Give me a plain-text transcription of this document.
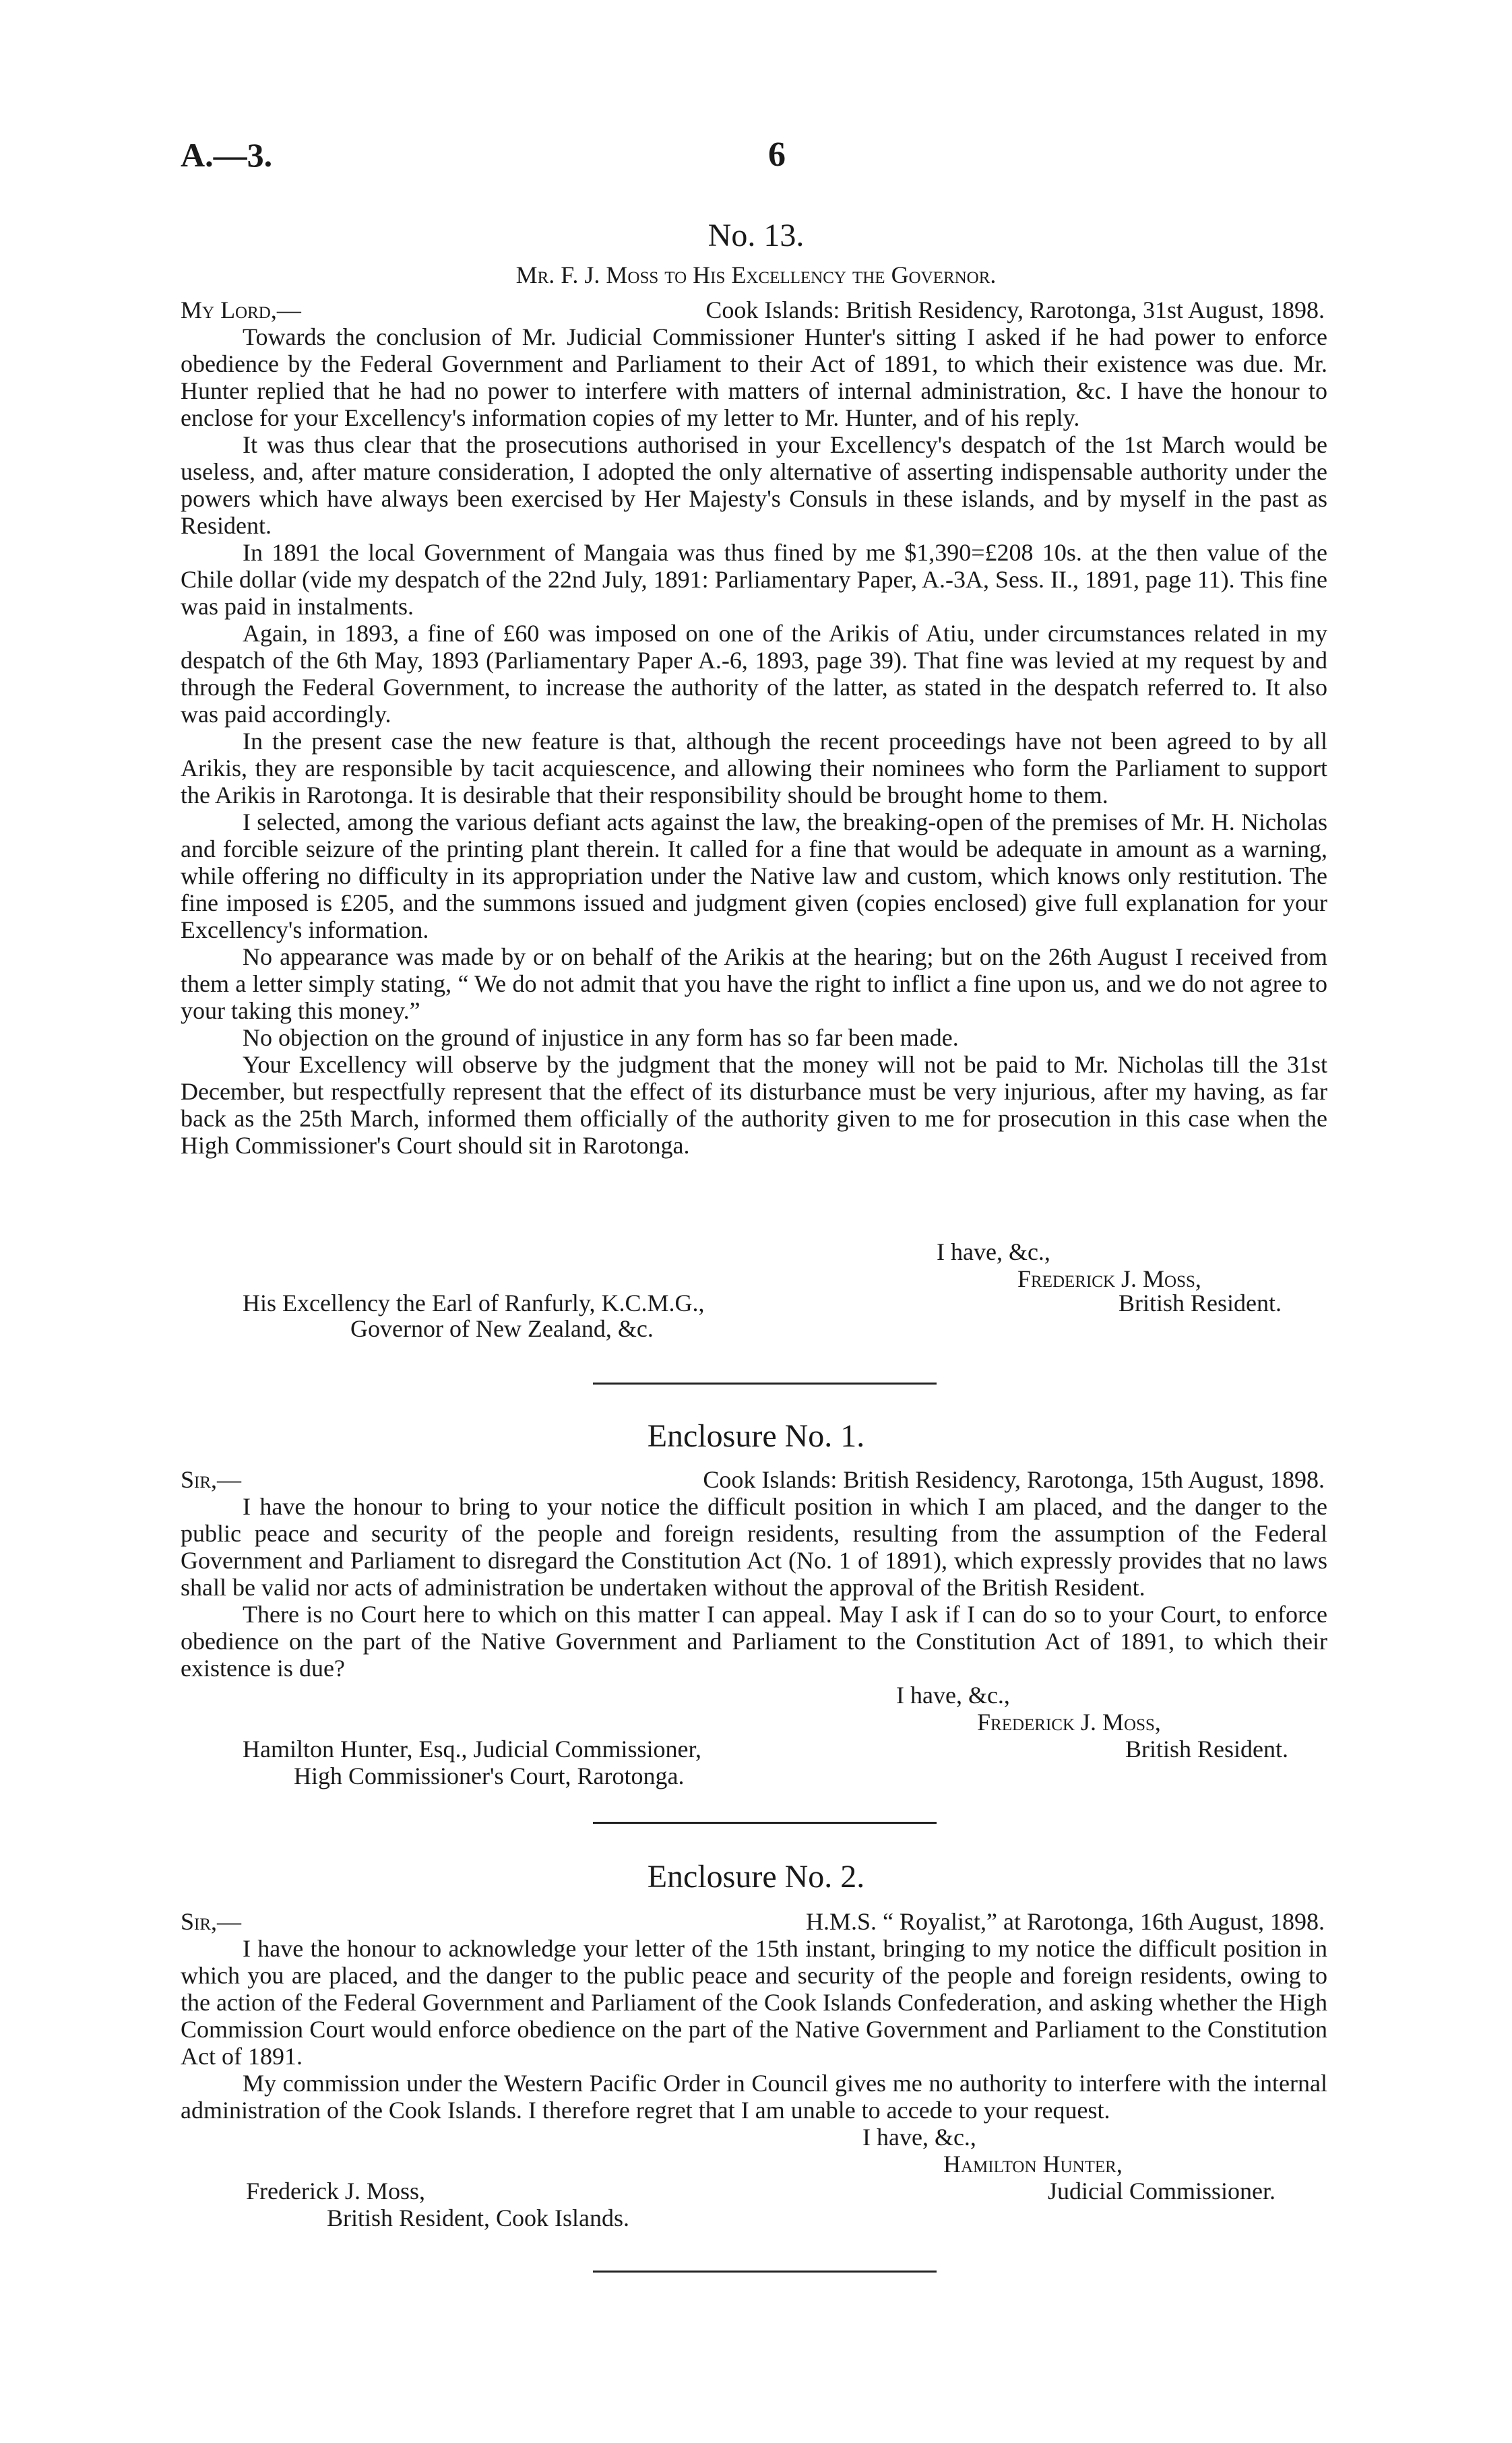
A.—3.	6
No. 13.
Mr. F. J. Moss to His Excellency the Governor.
My Lord,—	Cook Islands: British Residency, Rarotonga, 31st August, 1898.

Towards the conclusion of Mr. Judicial Commissioner Hunter's sitting I asked if he had power to enforce obedience by the Federal Government and Parliament to their Act of 1891, to which their existence was due. Mr. Hunter replied that he had no power to interfere with matters of internal administration, &c. I have the honour to enclose for your Excellency's information copies of my letter to Mr. Hunter, and of his reply.

It was thus clear that the prosecutions authorised in your Excellency's despatch of the 1st March would be useless, and, after mature consideration, I adopted the only alternative of asserting indispensable authority under the powers which have always been exercised by Her Majesty's Consuls in these islands, and by myself in the past as Resident.

In 1891 the local Government of Mangaia was thus fined by me $1,390=£208 10s. at the then value of the Chile dollar (vide my despatch of the 22nd July, 1891: Parliamentary Paper, A.-3A, Sess. II., 1891, page 11). This fine was paid in instalments.

Again, in 1893, a fine of £60 was imposed on one of the Arikis of Atiu, under circumstances related in my despatch of the 6th May, 1893 (Parliamentary Paper A.-6, 1893, page 39). That fine was levied at my request by and through the Federal Government, to increase the authority of the latter, as stated in the despatch referred to. It also was paid accordingly.

In the present case the new feature is that, although the recent proceedings have not been agreed to by all Arikis, they are responsible by tacit acquiescence, and allowing their nominees who form the Parliament to support the Arikis in Rarotonga. It is desirable that their responsibility should be brought home to them.

I selected, among the various defiant acts against the law, the breaking-open of the premises of Mr. H. Nicholas and forcible seizure of the printing plant therein. It called for a fine that would be adequate in amount as a warning, while offering no difficulty in its appropriation under the Native law and custom, which knows only restitution. The fine imposed is £205, and the summons issued and judgment given (copies enclosed) give full explanation for your Excellency's information.

No appearance was made by or on behalf of the Arikis at the hearing; but on the 26th August I received from them a letter simply stating, “ We do not admit that you have the right to inflict a fine upon us, and we do not agree to your taking this money.”

No objection on the ground of injustice in any form has so far been made.

Your Excellency will observe by the judgment that the money will not be paid to Mr. Nicholas till the 31st December, but respectfully represent that the effect of its disturbance must be very injurious, after my having, as far back as the 25th March, informed them officially of the authority given to me for prosecution in this case when the High Commissioner's Court should sit in Rarotonga.

I have, &c.,
Frederick J. Moss,
British Resident.
His Excellency the Earl of Ranfurly, K.C.M.G.,
Governor of New Zealand, &c.
Enclosure No. 1.
Sir,—	Cook Islands: British Residency, Rarotonga, 15th August, 1898.

I have the honour to bring to your notice the difficult position in which I am placed, and the danger to the public peace and security of the people and foreign residents, resulting from the assumption of the Federal Government and Parliament to disregard the Constitution Act (No. 1 of 1891), which expressly provides that no laws shall be valid nor acts of administration be undertaken without the approval of the British Resident.

There is no Court here to which on this matter I can appeal. May I ask if I can do so to your Court, to enforce obedience on the part of the Native Government and Parliament to the Constitution Act of 1891, to which their existence is due?

I have, &c.,
Frederick J. Moss,
British Resident.
Hamilton Hunter, Esq., Judicial Commissioner,
High Commissioner's Court, Rarotonga.
Enclosure No. 2.
Sir,—	H.M.S. “ Royalist,” at Rarotonga, 16th August, 1898.

I have the honour to acknowledge your letter of the 15th instant, bringing to my notice the difficult position in which you are placed, and the danger to the public peace and security of the people and foreign residents, owing to the action of the Federal Government and Parliament of the Cook Islands Confederation, and asking whether the High Commission Court would enforce obedience on the part of the Native Government and Parliament to the Constitution Act of 1891.

My commission under the Western Pacific Order in Council gives me no authority to interfere with the internal administration of the Cook Islands. I therefore regret that I am unable to accede to your request.

I have, &c.,
Hamilton Hunter,
Judicial Commissioner.
Frederick J. Moss,
British Resident, Cook Islands.
